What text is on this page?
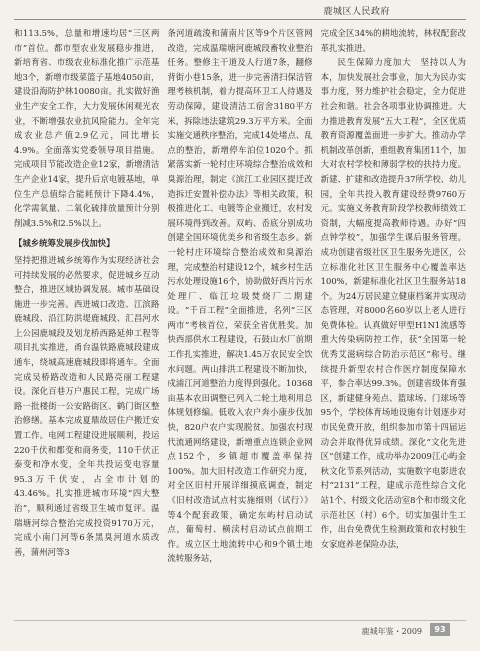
鹿城区人民政府

和113.5%，总量和增速均居“三区两市”首位。都市型农业发展稳步推进，新培育省、市级农业标准化推广示范基地3个，新增市级菜篮子基地4050亩，建设沿海防护林10080亩。扎实做好渔业生产安全工作，大力发展休闲观光农业，不断增强农业抗风险能力。全年完成农业总产值2.9亿元，同比增长4.9%。全面落实党委领导项目措施。完成项目节能改造企业12家，新增清洁生产企业14家，提升后京电镀基地，单位生产总值综合能耗预计下降4.4%，化学需氧量、二氧化硫排放量预计分别削减3.5%和2.5%以上。

【城乡统筹发展步伐加快】

坚持把推进城乡统筹作为实现经济社会可持续发展的必然要求，促进城乡互动整合，推进区域协调发展。城市基础设施进一步完善。西进城口改造、江滨路鹿城段、沿江防洪堤鹿城段、汇昌河水上公园鹿城段及划龙桥西路延伸工程等项目扎实推进，甬台温铁路鹿城段建成通车，绕城高速鹿城段即将通车。全面完成吴桥路改造和人民路亮丽工程建设。深化百巷万户惠民工程，完成广场路一批楼街一公安路街区、鹤门街区整治修缮。基本完成夏鼎故居住户搬迁安置工作。电网工程建设进展顺利，投运220千伏和都变和商务变，110千伏正泰变和净水变，全年共投运变电容量95.3万千伏安，占全市计划的43.46%。扎实推进城市环境“四大整治”，顺利通过省级卫生城市复评。温瑞塘河综合整治完成投资9170万元，完成小南门河等6条黑臭河道水质改善，蒲州河等3

条河道疏浚和蒲南片区等9个片区管网改造，完成温瑞塘河鹿城段畜牧业整治任务。整修主干道及人行道7条，翻修背街小巷15条，进一步完善清扫保洁管理考核机制，着力提高环卫工人待遇及劳动保障，建设清洁工宿舍3180平方米，拆除违法建筑29.3万平方米。全面实施交通秩序整治，完成14处堵点、乱点的整治，新增停车泊位1020个。抓紧落实新一轮村庄环境综合整治成效和臭源治理，制定《滨江工业园区提迁改造拆迁安置补偿办法》等相关政策，积极推进化工、电镀等企业搬迁，农村发展环境得到改善。双屿、岙底分别成功创建全国环境优美乡和省级生态乡。新一轮村庄环境综合整治成效和臭源治理，完成整治村建设12个，城乡村生活污水处理设施16个，协助做好西片污水处理厂、临江垃圾焚烧厂二期建设。“千百工程”全面推进，名列“三区两市”考核首位，荣获全省优胜奖。加快西部供水工程建设，石鼓山水厂前期工作扎实推进，解决1.45万农民安全饮水问题。两山排洪工程建设不断加快，戍浦江河道整治力度得到强化。10368亩基本农田调整已列入二轮土地利用总体规划修编。低收入农户奔小康步伐加快，820户农户实现脱贫。加强农村现代流通网络建设，新增重点连锁企业网点152个，乡镇超市覆盖率保持100%。加大旧村改造工作研究力度，对全区旧村开展详细摸底调查，制定《旧村改造试点村实施细则（试行）》等4个配套政策，确定东屿村启动试点，葡萄村、横渎村启动试点前期工作。成立区土地流转中心和9个镇土地流转服务站，

完成全区34%的耕地流转，林权配套改革扎实推进。

民生保障力度加大　坚持以人为本，加快发展社会事业，加大为民办实事力度，努力维护社会稳定，全力促进社会和谐。社会各项事业协调推进。大力推进教育发展“五大工程”，全区优质教育资源覆盖面进一步扩大。推动办学机制改革创新，重组教育集团11个，加大对农村学校和薄弱学校的扶持力度。新建、扩建和改造提升37所学校、幼儿园，全年共投入教育建设经费9760万元。实施义务教育阶段学校教师绩效工资制，大幅度提高教师待遇。办好“四点钟学校”，加强学生课后服务管理。成功创建省级社区卫生服务先进区，公立标准化社区卫生服务中心覆盖率达100%，新建标准化社区卫生服务站18个。为24万居民建立健康档案并实现动态管理，对8000名60岁以上老人进行免费体检。认真做好甲型H1N1流感等重大传染病防控工作，获“全国第一轮优秀艾滋病综合防治示范区”称号。继续提升新型农村合作医疗制度保障水平，参合率达99.3%。创建省级体育强区，新建健身苑点、篮球场、门球场等95个，学校体育场地设施有计划逐步对市民免费开放，组织参加市第十四届运动会并取得优异成绩。深化“文化先进区”创建工作，成功举办2009江心屿金秋文化节系列活动，实施数字电影进农村“2131”工程，建成示范性综合文化站1个、村级文化活动室8个和市级文化示范社区（村）6个。切实加强计生工作，出台免费优生检测政策和农村独生女家庭养老保险办法，

鹿城年鉴・2009	93
